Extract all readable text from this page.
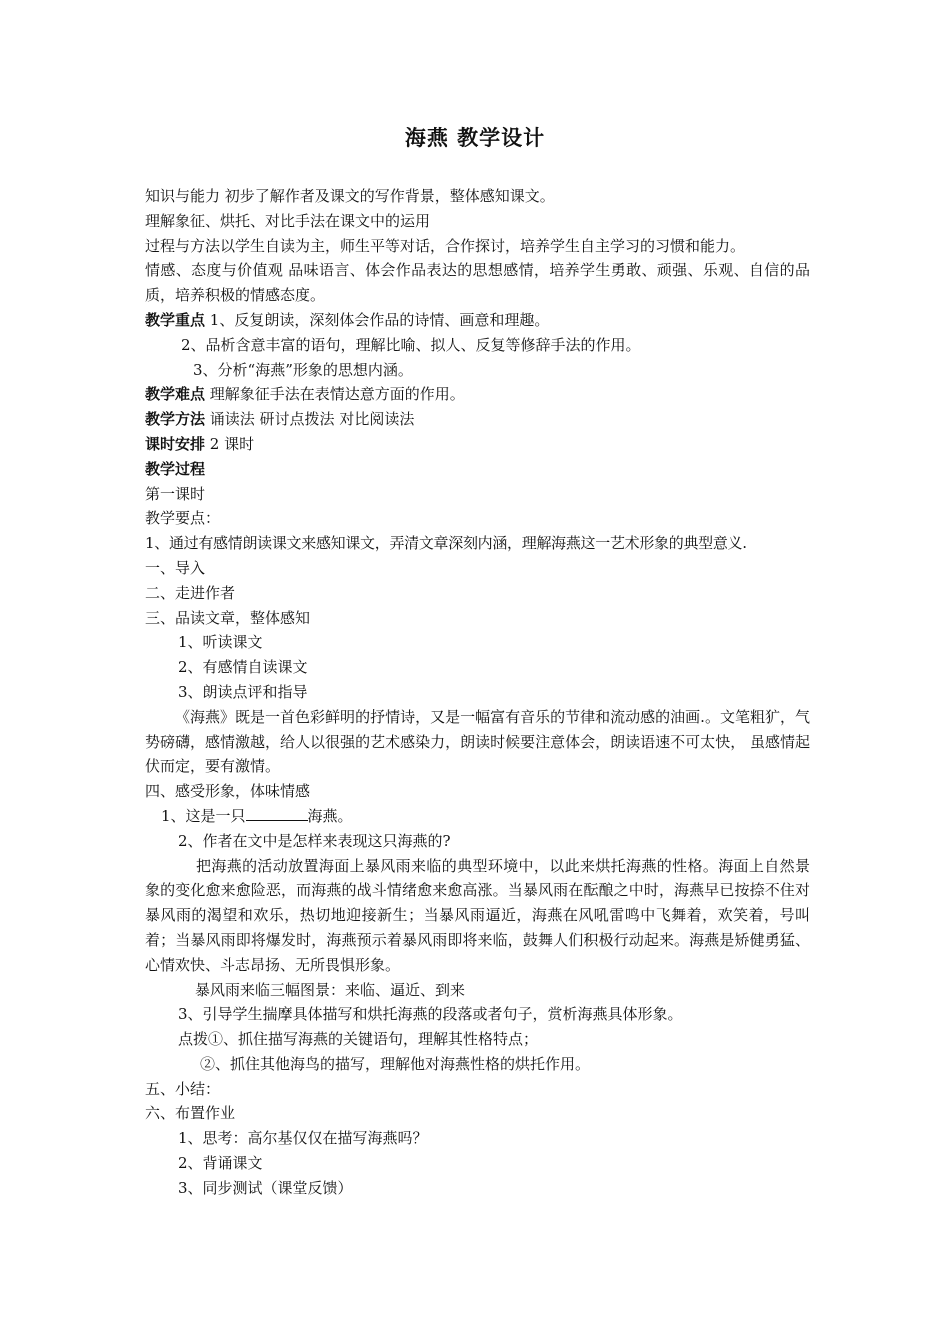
海燕 教学设计

知识与能力 初步了解作者及课文的写作背景，整体感知课文。

理解象征、烘托、对比手法在课文中的运用

过程与方法以学生自读为主，师生平等对话，合作探讨，培养学生自主学习的习惯和能力。

情感、态度与价值观 品味语言、体会作品表达的思想感情，培养学生勇敢、顽强、乐观、自信的品质，培养积极的情感态度。

教学重点 1、反复朗读，深刻体会作品的诗情、画意和理趣。

2、品析含意丰富的语句，理解比喻、拟人、反复等修辞手法的作用。

3、分析“海燕”形象的思想内涵。

教学难点 理解象征手法在表情达意方面的作用。

教学方法 诵读法 研讨点拨法 对比阅读法

课时安排 2 课时

教学过程

第一课时

教学要点：

1、通过有感情朗读课文来感知课文，弄清文章深刻内涵，理解海燕这一艺术形象的典型意义.

一、导入

二、走进作者

三、品读文章，整体感知

1、听读课文

2、有感情自读课文

3、朗读点评和指导

《海燕》既是一首色彩鲜明的抒情诗，又是一幅富有音乐的节律和流动感的油画.。文笔粗犷，气势磅礴，感情激越，给人以很强的艺术感染力，朗读时候要注意体会，朗读语速不可太快， 虽感情起伏而定，要有激情。

四、感受形象，体味情感

1、这是一只	海燕。

2、作者在文中是怎样来表现这只海燕的?

把海燕的活动放置海面上暴风雨来临的典型环境中，以此来烘托海燕的性格。海面上自然景象的变化愈来愈险恶，而海燕的战斗情绪愈来愈高涨。当暴风雨在酝酿之中时，海燕早已按捺不住对暴风雨的渴望和欢乐，热切地迎接新生；当暴风雨逼近，海燕在风吼雷鸣中飞舞着，欢笑着，号叫着；当暴风雨即将爆发时，海燕预示着暴风雨即将来临，鼓舞人们积极行动起来。海燕是矫健勇猛、心情欢快、斗志昂扬、无所畏惧形象。

暴风雨来临三幅图景：来临、逼近、到来

3、引导学生揣摩具体描写和烘托海燕的段落或者句子，赏析海燕具体形象。

点拨①、抓住描写海燕的关键语句，理解其性格特点；

②、抓住其他海鸟的描写，理解他对海燕性格的烘托作用。

五、小结：

六、布置作业

1、思考：高尔基仅仅在描写海燕吗？

2、背诵课文

3、同步测试（课堂反馈）
